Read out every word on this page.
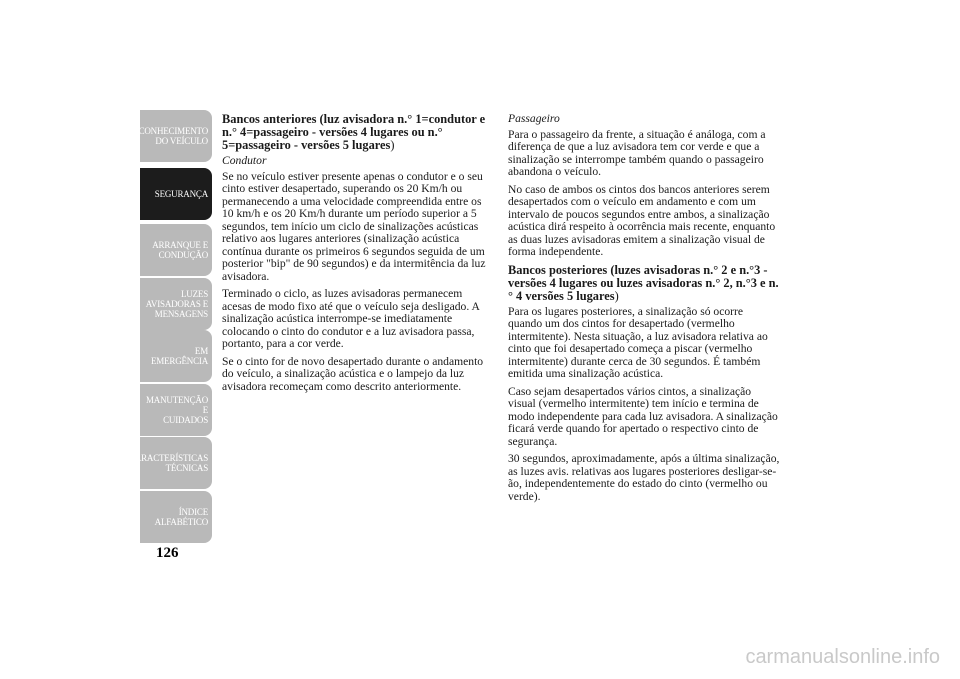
CONHECIMENTO
DO VEÍCULO
SEGURANÇA
ARRANQUE E
CONDUÇÃO
LUZES
AVISADORAS E
MENSAGENS
EM EMERGÊNCIA
MANUTENÇÃO E
CUIDADOS
CARACTERÍSTICAS
TÉCNICAS
ÍNDICE
ALFABÉTICO
126
Bancos anteriores (luz avisadora n.° 1=condutor e n.° 4=passageiro - versões 4 lugares ou n.° 5=passageiro - versões 5 lugares)
Condutor

Se no veículo estiver presente apenas o condutor e o seu cinto estiver desapertado, superando os 20 Km/h ou permanecendo a uma velocidade compreendida entre os 10 km/h e os 20 Km/h durante um período superior a 5 segundos, tem início um ciclo de sinalizações acústicas relativo aos lugares anteriores (sinalização acústica contínua durante os primeiros 6 segundos seguida de um posterior "bip" de 90 segundos) e da intermitência da luz avisadora.

Terminado o ciclo, as luzes avisadoras permanecem acesas de modo fixo até que o veículo seja desligado. A sinalização acústica interrompe-se imediatamente colocando o cinto do condutor e a luz avisadora passa, portanto, para a cor verde.

Se o cinto for de novo desapertado durante o andamento do veículo, a sinalização acústica e o lampejo da luz avisadora recomeçam como descrito anteriormente.

Passageiro

Para o passageiro da frente, a situação é análoga, com a diferença de que a luz avisadora tem cor verde e que a sinalização se interrompe também quando o passageiro abandona o veículo.

No caso de ambos os cintos dos bancos anteriores serem desapertados com o veículo em andamento e com um intervalo de poucos segundos entre ambos, a sinalização acústica dirá respeito à ocorrência mais recente, enquanto as duas luzes avisadoras emitem a sinalização visual de forma independente.

Bancos posteriores (luzes avisadoras n.° 2 e n.°3 - versões 4 lugares ou luzes avisadoras n.° 2, n.°3 e n.° 4 versões 5 lugares)

Para os lugares posteriores, a sinalização só ocorre quando um dos cintos for desapertado (vermelho intermitente). Nesta situação, a luz avisadora relativa ao cinto que foi desapertado começa a piscar (vermelho intermitente) durante cerca de 30 segundos. É também emitida uma sinalização acústica.

Caso sejam desapertados vários cintos, a sinalização visual (vermelho intermitente) tem início e termina de modo independente para cada luz avisadora. A sinalização ficará verde quando for apertado o respectivo cinto de segurança.

30 segundos, aproximadamente, após a última sinalização, as luzes avis. relativas aos lugares posteriores desligar-se-ão, independentemente do estado do cinto (vermelho ou verde).

carmanualsonline.info
